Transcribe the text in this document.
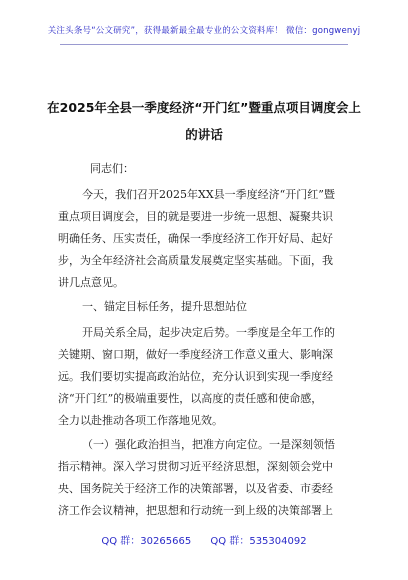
关注头条号“公文研究”，获得最新最全最专业的公文资料库！ 微信：gongwenyj
在2025年全县一季度经济“开门红”暨重点项目调度会上
的讲话
同志们：
今天，我们召开2025年XX县一季度经济“开门红”暨
重点项目调度会，目的就是要进一步统一思想、凝聚共识
明确任务、压实责任，确保一季度经济工作开好局、起好
步，为全年经济社会高质量发展奠定坚实基础。下面，我
讲几点意见。
一、锚定目标任务，提升思想站位
开局关系全局，起步决定后势。一季度是全年工作的
关键期、窗口期，做好一季度经济工作意义重大、影响深
远。我们要切实提高政治站位，充分认识到实现一季度经
济“开门红”的极端重要性，以高度的责任感和使命感，
全力以赴推动各项工作落地见效。
（一）强化政治担当，把准方向定位。一是深刻领悟
指示精神。深入学习贯彻习近平经济思想，深刻领会党中
央、国务院关于经济工作的决策部署，以及省委、市委经
济工作会议精神，把思想和行动统一到上级的决策部署上
QQ 群：30265665 QQ 群：535304092
